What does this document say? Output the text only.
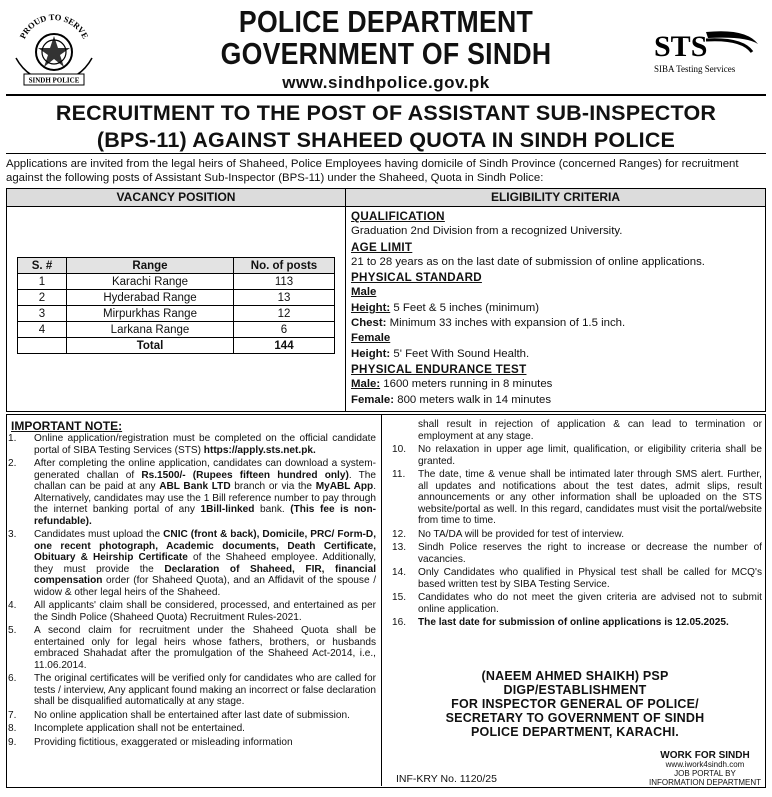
PROUD TO SERVE
SINDH POLICE
POLICE DEPARTMENT
GOVERNMENT OF SINDH
www.sindhpolice.gov.pk
STS
SIBA Testing Services
RECRUITMENT TO THE POST OF ASSISTANT SUB-INSPECTOR
(BPS-11) AGAINST SHAHEED QUOTA IN SINDH POLICE
Applications are invited from the legal heirs of Shaheed, Police Employees having domicile of Sindh Province (concerned Ranges) for recruitment against the following posts of Assistant Sub-Inspector (BPS-11) under the Shaheed, Quota in Sindh Police:
VACANCY POSITION	ELIGIBILITY CRITERIA
S. #	Range	No. of posts
1	Karachi Range	113
2	Hyderabad Range	13
3	Mirpurkhas Range	12
4	Larkana Range	6
	Total	144
QUALIFICATION
Graduation 2nd Division from a recognized University.
AGE LIMIT
21 to 28 years as on the last date of submission of online applications.
PHYSICAL STANDARD
Male
Height: 5 Feet & 5 inches (minimum)
Chest: Minimum 33 inches with expansion of 1.5 inch.
Female
Height: 5' Feet With Sound Health.
PHYSICAL ENDURANCE TEST
Male: 1600 meters running in 8 minutes
Female: 800 meters walk in 14 minutes
IMPORTANT NOTE:
1. Online application/registration must be completed on the official candidate portal of SIBA Testing Services (STS) https://apply.sts.net.pk.
2. After completing the online application, candidates can download a system-generated challan of Rs.1500/- (Rupees fifteen hundred only). The challan can be paid at any ABL Bank LTD branch or via the MyABL App. Alternatively, candidates may use the 1 Bill reference number to pay through the internet banking portal of any 1Bill-linked bank. (This fee is non-refundable).
3. Candidates must upload the CNIC (front & back), Domicile, PRC/ Form-D, one recent photograph, Academic documents, Death Certificate, Obituary & Heirship Certificate of the Shaheed employee. Additionally, they must provide the Declaration of Shaheed, FIR, financial compensation order (for Shaheed Quota), and an Affidavit of the spouse / widow & other legal heirs of the Shaheed.
4. All applicants' claim shall be considered, processed, and entertained as per the Sindh Police (Shaheed Quota) Recruitment Rules-2021.
5. A second claim for recruitment under the Shaheed Quota shall be entertained only for legal heirs whose fathers, brothers, or husbands embraced Shahadat after the promulgation of the Shaheed Act-2014, i.e., 11.06.2014.
6. The original certificates will be verified only for candidates who are called for tests / interview, Any applicant found making an incorrect or false declaration shall be disqualified automatically at any stage.
7. No online application shall be entertained after last date of submission.
8. Incomplete application shall not be entertained.
9. Providing fictitious, exaggerated or misleading information
shall result in rejection of application & can lead to termination or employment at any stage.
10. No relaxation in upper age limit, qualification, or eligibility criteria shall be granted.
11. The date, time & venue shall be intimated later through SMS alert. Further, all updates and notifications about the test dates, admit slips, result announcements or any other information shall be uploaded on the STS website/portal as well. In this regard, candidates must visit the portal/website from time to time.
12. No TA/DA will be provided for test of interview.
13. Sindh Police reserves the right to increase or decrease the number of vacancies.
14. Only Candidates who qualified in Physical test shall be called for MCQ's based written test by SIBA Testing Service.
15. Candidates who do not meet the given criteria are advised not to submit online application.
16. The last date for submission of online applications is 12.05.2025.
(NAEEM AHMED SHAIKH) PSP
DIGP/ESTABLISHMENT
FOR INSPECTOR GENERAL OF POLICE/
SECRETARY TO GOVERNMENT OF SINDH
POLICE DEPARTMENT, KARACHI.
INF-KRY No. 1120/25
WORK FOR SINDH
www.iwork4sindh.com
JOB PORTAL BY
INFORMATION DEPARTMENT
